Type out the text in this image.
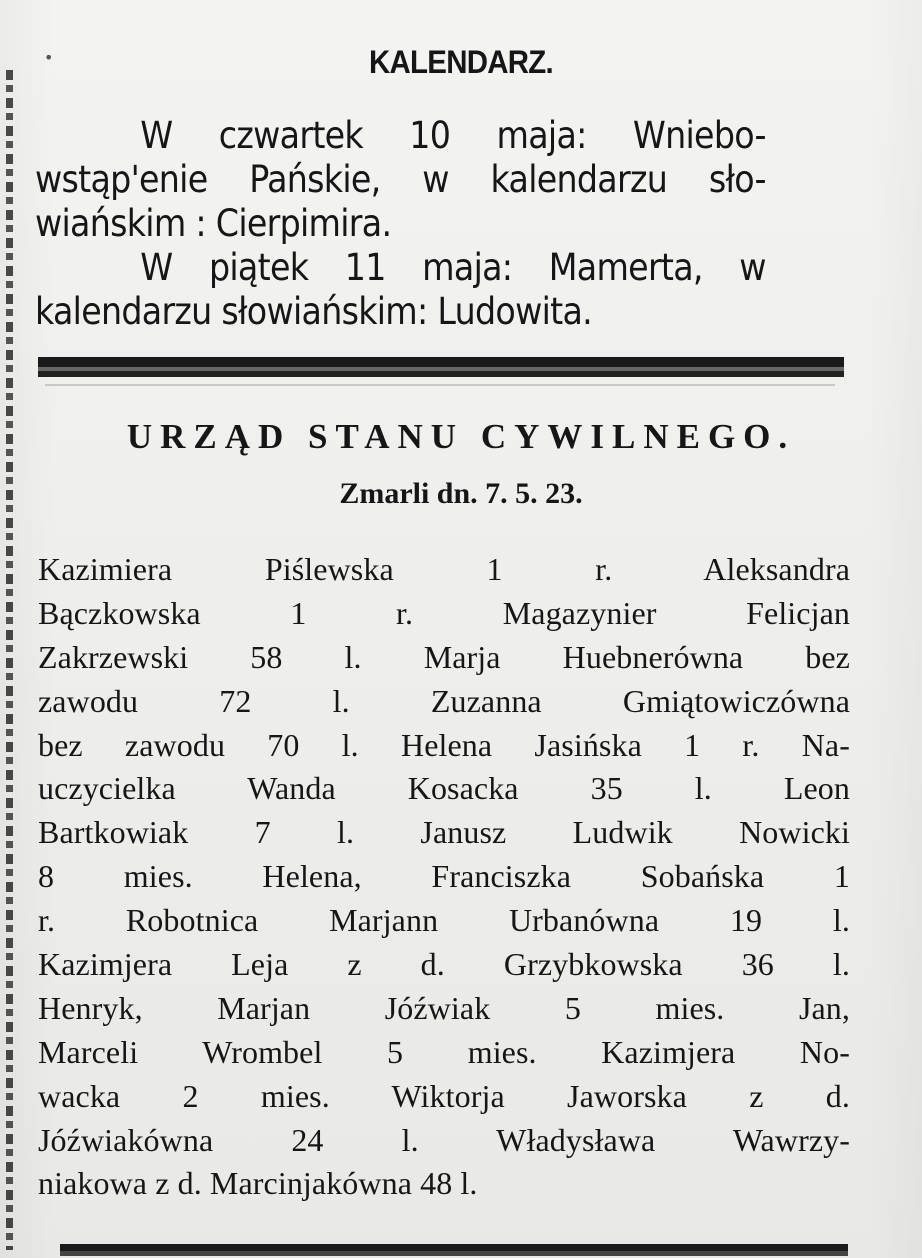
•	KALENDARZ.
W czwartek 10 maja: Wniebo-
wstąp'enie Pańskie, w kalendarzu sło-
wiańskim : Cierpimira.
W piątek 11 maja: Mamerta, w
kalendarzu słowiańskim: Ludowita.
URZĄD STANU CYWILNEGO.
Zmarli dn. 7. 5. 23.
Kazimiera Piślewska 1 r. Aleksandra
Bączkowska 1 r. Magazynier Felicjan
Zakrzewski 58 l. Marja Huebnerówna bez
zawodu 72 l. Zuzanna Gmiątowiczówna
bez zawodu 70 l. Helena Jasińska 1 r. Na-
uczycielka Wanda Kosacka 35 l. Leon
Bartkowiak 7 l. Janusz Ludwik Nowicki
8 mies. Helena, Franciszka Sobańska 1
r. Robotnica Marjann Urbanówna 19 l.
Kazimjera Leja z d. Grzybkowska 36 l.
Henryk, Marjan Jóźwiak 5 mies. Jan,
Marceli Wrombel 5 mies. Kazimjera No-
wacka 2 mies. Wiktorja Jaworska z d.
Jóźwiakówna 24 l. Władysława Wawrzy-
niakowa z d. Marcinjakówna 48 l.
